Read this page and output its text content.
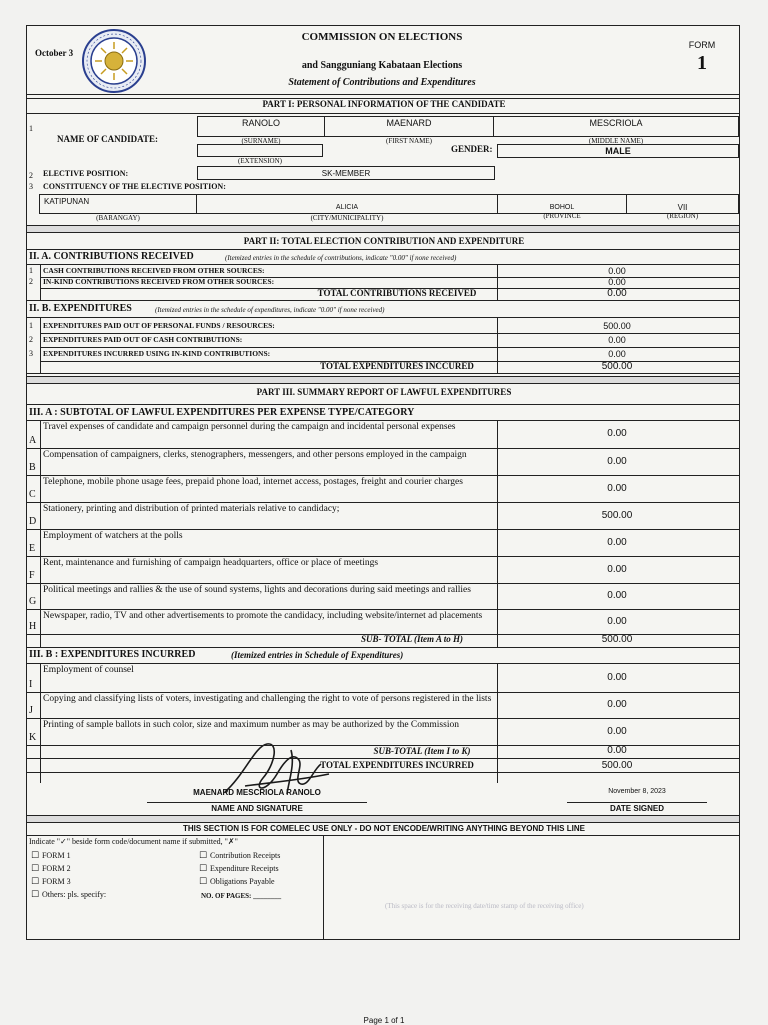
October 3
COMMISSION ON ELECTIONS
and Sangguniang Kabataan Elections
Statement of Contributions and Expenditures
FORM
1
PART I: PERSONAL INFORMATION OF THE CANDIDATE
1
NAME OF CANDIDATE:
RANOLO
(SURNAME)
MAENARD
(FIRST NAME)
MESCRIOLA
(MIDDLE NAME)
(EXTENSION)
GENDER:	MALE
2 ELECTIVE POSITION:	SK-MEMBER
3 CONSTITUENCY OF THE ELECTIVE POSITION:
KATIPUNAN
(BARANGAY)
ALICIA
(CITY/MUNICIPALITY)
BOHOL
(PROVINCE
VII
(REGION)
PART II: TOTAL ELECTION CONTRIBUTION AND EXPENDITURE
II. A. CONTRIBUTIONS RECEIVED	(Itemized entries in the schedule of contributions, indicate "0.00" if none received)
TOTAL CONTRIBUTIONS RECEIVED	0.00
II. B. EXPENDITURES	(Itemized entries in the schedule of expenditures, indicate "0.00" if none received)
TOTAL EXPENDITURES INCCURED	500.00
PART III. SUMMARY REPORT OF LAWFUL EXPENDITURES
III. A : SUBTOTAL OF LAWFUL EXPENDITURES PER EXPENSE TYPE/CATEGORY
SUB- TOTAL (Item A to H)	500.00
III. B : EXPENDITURES INCURRED	(Itemized entries in Schedule of Expenditures)
SUB-TOTAL (Item I to K)	0.00
TOTAL EXPENDITURES INCURRED	500.00
MAENARD MESCRIOLA RANOLO
NAME AND SIGNATURE
November 8, 2023
DATE SIGNED
THIS SECTION IS FOR COMELEC USE ONLY - DO NOT ENCODE/WRITING ANYTHING BEYOND THIS LINE
Indicate "✓" beside form code/document name if submitted, "✗"
NO. OF PAGES: ________
(This space is for the receiving date/time stamp of the receiving office)
1 CASH CONTRIBUTIONS RECEIVED FROM OTHER SOURCES:	0.00
2 IN-KIND CONTRIBUTIONS RECEIVED FROM OTHER SOURCES:	0.00
1 EXPENDITURES PAID OUT OF PERSONAL FUNDS / RESOURCES:	500.00
2 EXPENDITURES PAID OUT OF CASH CONTRIBUTIONS:	0.00
3 EXPENDITURES INCURRED USING IN-KIND CONTRIBUTIONS:	0.00
A
Travel expenses of candidate and campaign personnel during the campaign and incidental personal expenses
0.00
B
Compensation of campaigners, clerks, stenographers, messengers, and other persons employed in the campaign
0.00
C
Telephone, mobile phone usage fees, prepaid phone load, internet access, postages, freight and courier charges
0.00
D
Stationery, printing and distribution of printed materials relative to candidacy;
500.00
E
Employment of watchers at the polls
0.00
F
Rent, maintenance and furnishing of campaign headquarters, office or place of meetings
0.00
G
Political meetings and rallies & the use of sound systems, lights and decorations during said meetings and rallies	0.00
H
Newspaper, radio, TV and other advertisements to promote the candidacy, including website/internet ad placements	0.00
I
Employment of counsel
0.00
J
Copying and classifying lists of voters, investigating and challenging the right to vote of persons registered in the lists	0.00
K
Printing of sample ballots in such color, size and maximum number as may be authorized by the Commission
0.00
☐ FORM 1
☐ FORM 2
☐ FORM 3
☐ Others: pls. specify:
☐ Contribution Receipts
☐ Expenditure Receipts
☐ Obligations Payable
Page 1 of 1
